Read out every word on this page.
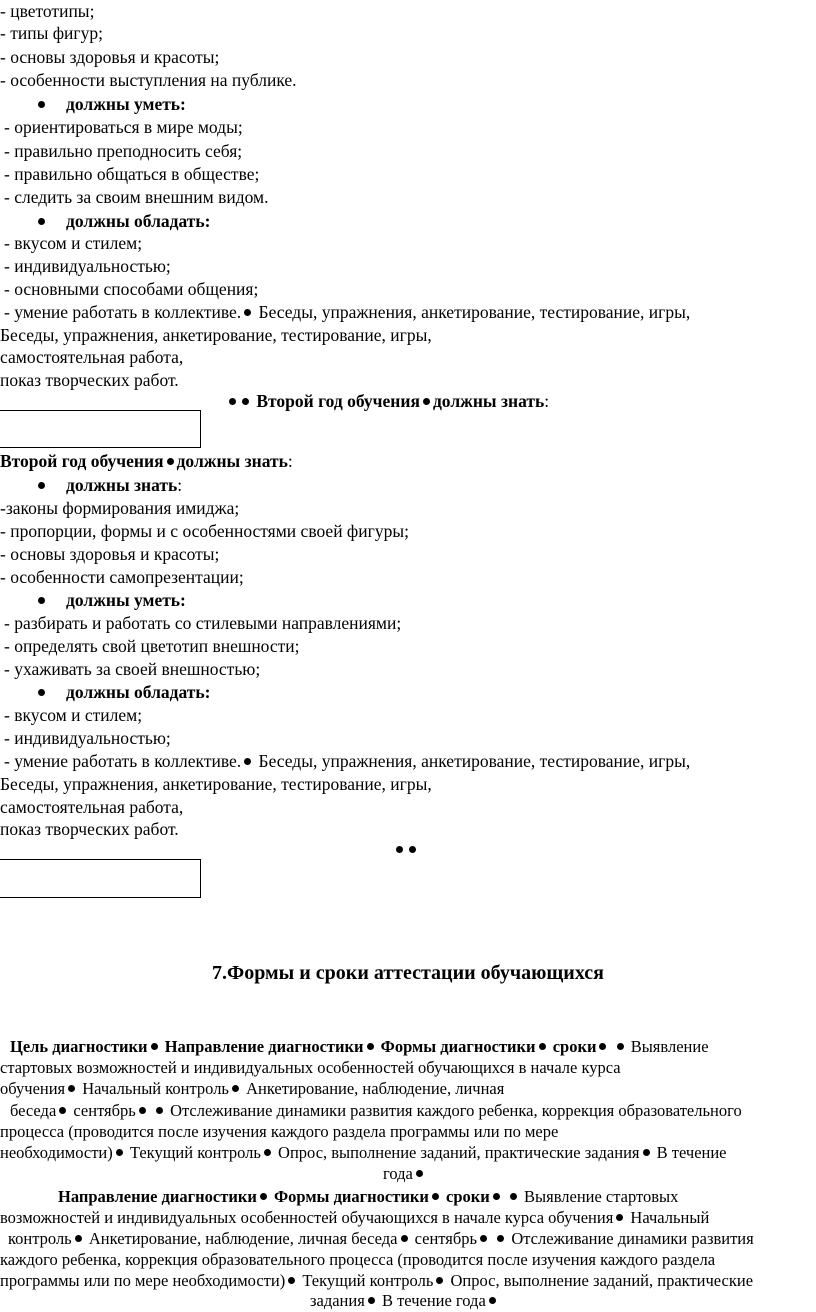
- цветотипы;
- типы фигур;
- основы здоровья и красоты;
- особенности выступления на публике.
должны уметь:
- ориентироваться в мире моды;
- правильно преподносить себя;
- правильно общаться в обществе;
- следить за своим внешним видом.
должны обладать:
- вкусом и стилем;
- индивидуальностью;
- основными способами общения;
- умение работать в коллективе. Беседы, упражнения, анкетирование, тестирование, игры,
Беседы, упражнения, анкетирование, тестирование, игры,
самостоятельная работа,
показ творческих работ.
Второй год обучения должны знать:
Второй год обучения должны знать:
должны знать:
-законы формирования имиджа;
- пропорции, формы и с особенностями своей фигуры;
- основы здоровья и красоты;
- особенности самопрезентации;
должны уметь:
- разбирать и работать со стилевыми направлениями;
- определять свой цветотип внешности;
- ухаживать за своей внешностью;
должны обладать:
- вкусом и стилем;
- индивидуальностью;
- умение работать в коллективе. Беседы, упражнения, анкетирование, тестирование, игры,
Беседы, упражнения, анкетирование, тестирование, игры,
самостоятельная работа,
показ творческих работ.
7.Формы и сроки аттестации обучающихся
Цель диагностики Направление диагностики Формы диагностики сроки Выявление
стартовых возможностей и индивидуальных особенностей обучающихся в начале курса
обучения Начальный контроль Анкетирование, наблюдение, личная
беседа сентябрь Отслеживание динамики развития каждого ребенка, коррекция образовательного
процесса (проводится после изучения каждого раздела программы или по мере
необходимости) Текущий контроль Опрос, выполнение заданий, практические задания В течение
года
Направление диагностики Формы диагностики сроки Выявление стартовых
возможностей и индивидуальных особенностей обучающихся в начале курса обучения Начальный
контроль Анкетирование, наблюдение, личная беседа сентябрь Отслеживание динамики развития
каждого ребенка, коррекция образовательного процесса (проводится после изучения каждого раздела
программы или по мере необходимости) Текущий контроль Опрос, выполнение заданий, практические
задания В течение года
